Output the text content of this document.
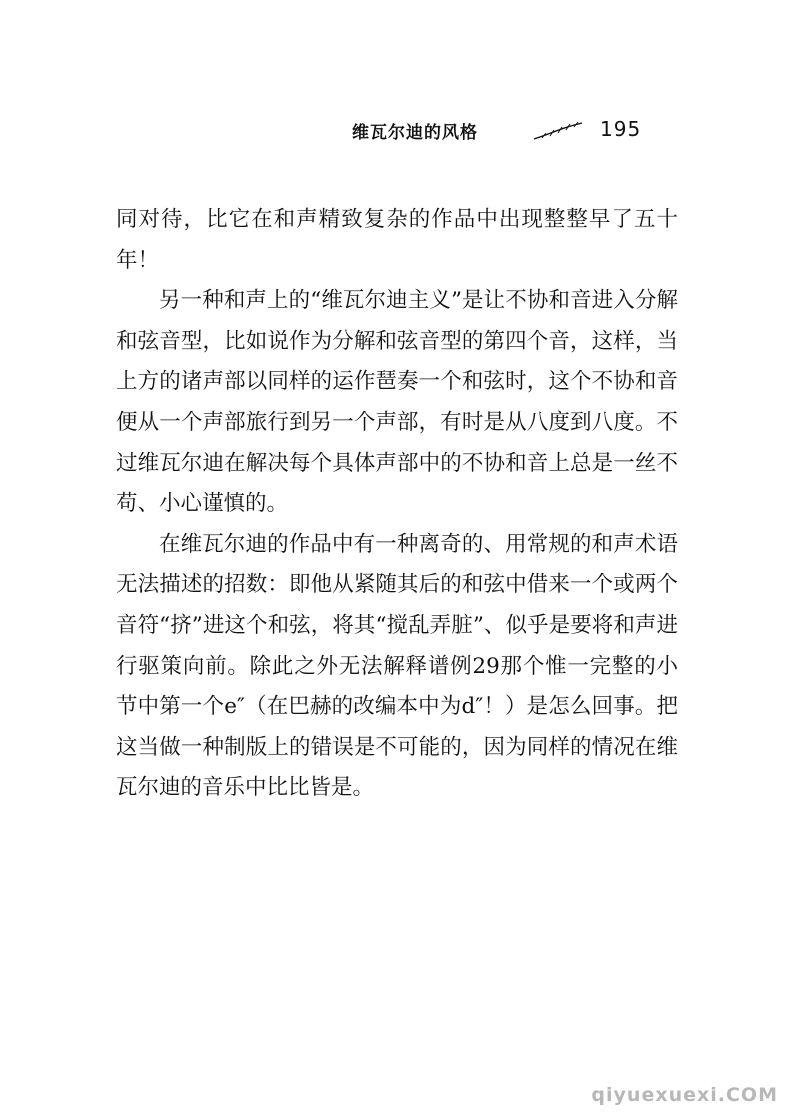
维瓦尔迪的风格	195

同对待，比它在和声精致复杂的作品中出现整整早了五十年！

另一种和声上的“维瓦尔迪主义”是让不协和音进入分解和弦音型，比如说作为分解和弦音型的第四个音，这样，当上方的诸声部以同样的运作琶奏一个和弦时，这个不协和音便从一个声部旅行到另一个声部，有时是从八度到八度。不过维瓦尔迪在解决每个具体声部中的不协和音上总是一丝不苟、小心谨慎的。

在维瓦尔迪的作品中有一种离奇的、用常规的和声术语无法描述的招数：即他从紧随其后的和弦中借来一个或两个音符“挤”进这个和弦，将其“搅乱弄脏”、似乎是要将和声进行驱策向前。除此之外无法解释谱例29那个惟一完整的小节中第一个e″（在巴赫的改编本中为d″！）是怎么回事。把这当做一种制版上的错误是不可能的，因为同样的情况在维瓦尔迪的音乐中比比皆是。

qiyuexuexi.COM
